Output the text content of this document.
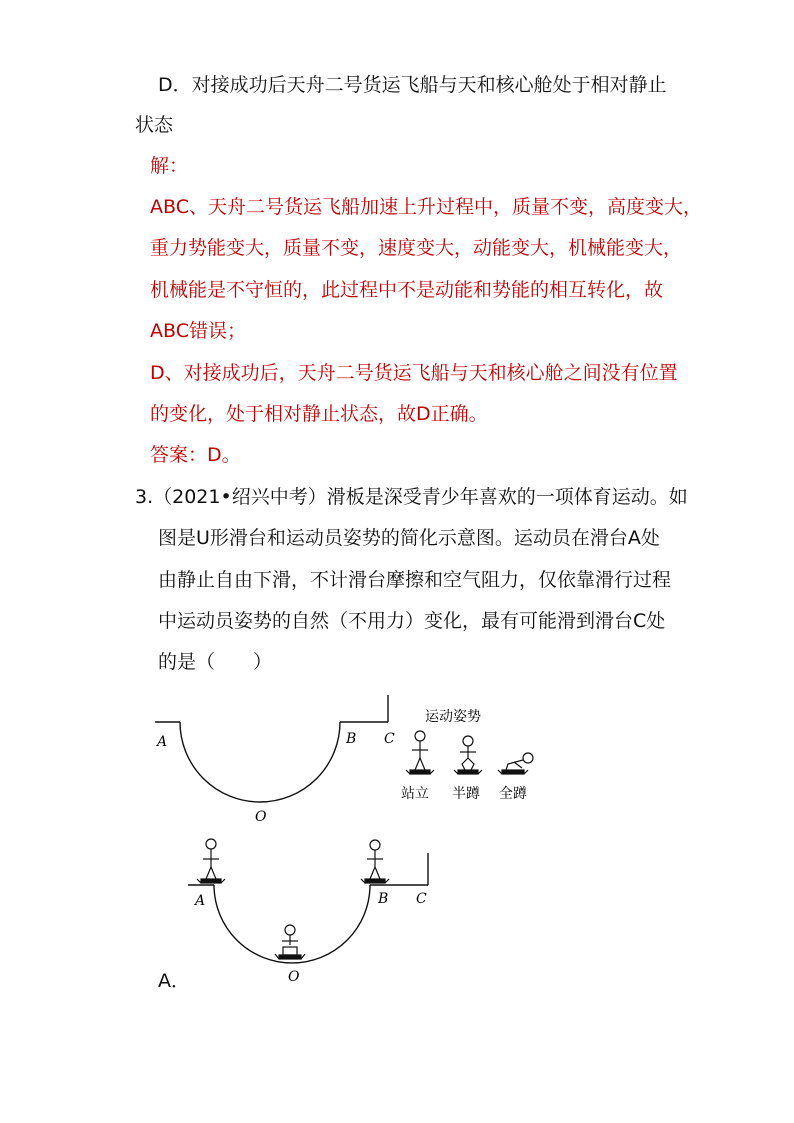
D．对接成功后天舟二号货运飞船与天和核心舱处于相对静止
状态
解：
ABC、天舟二号货运飞船加速上升过程中，质量不变，高度变大，
重力势能变大，质量不变，速度变大，动能变大，机械能变大，
机械能是不守恒的，此过程中不是动能和势能的相互转化，故
ABC错误；
D、对接成功后，天舟二号货运飞船与天和核心舱之间没有位置
的变化，处于相对静止状态，故D正确。
答案：D。
3.（2021•绍兴中考）滑板是深受青少年喜欢的一项体育运动。如
图是U形滑台和运动员姿势的简化示意图。运动员在滑台A处
由静止自由下滑，不计滑台摩擦和空气阻力，仅依靠滑行过程
中运动员姿势的自然（不用力）变化，最有可能滑到滑台C处
的是（　　）
A	B C
O
运动姿势
站立 半蹲 全蹲
A	B C
O
A．
